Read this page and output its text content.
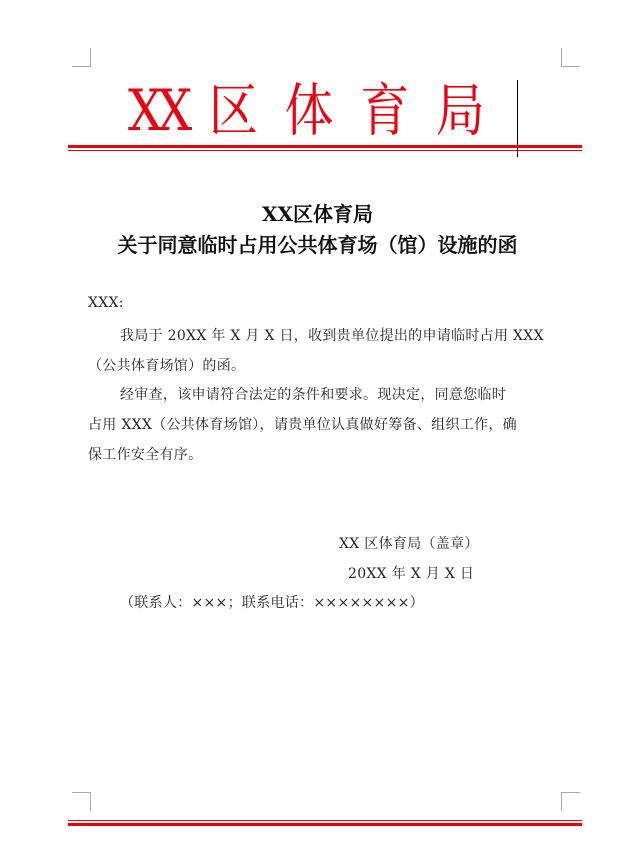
XX 区 体 育 局
XX区体育局
关于同意临时占用公共体育场（馆）设施的函
XXX:
我局于 20XX 年 X 月 X 日，收到贵单位提出的申请临时占用 XXX
（公共体育场馆）的函。
经审查，该申请符合法定的条件和要求。现决定，同意您临时
占用 XXX（公共体育场馆），请贵单位认真做好筹备、组织工作，确
保工作安全有序。
XX 区体育局（盖章）
20XX 年 X 月 X 日
（联系人：×××；联系电话：××××××××）
